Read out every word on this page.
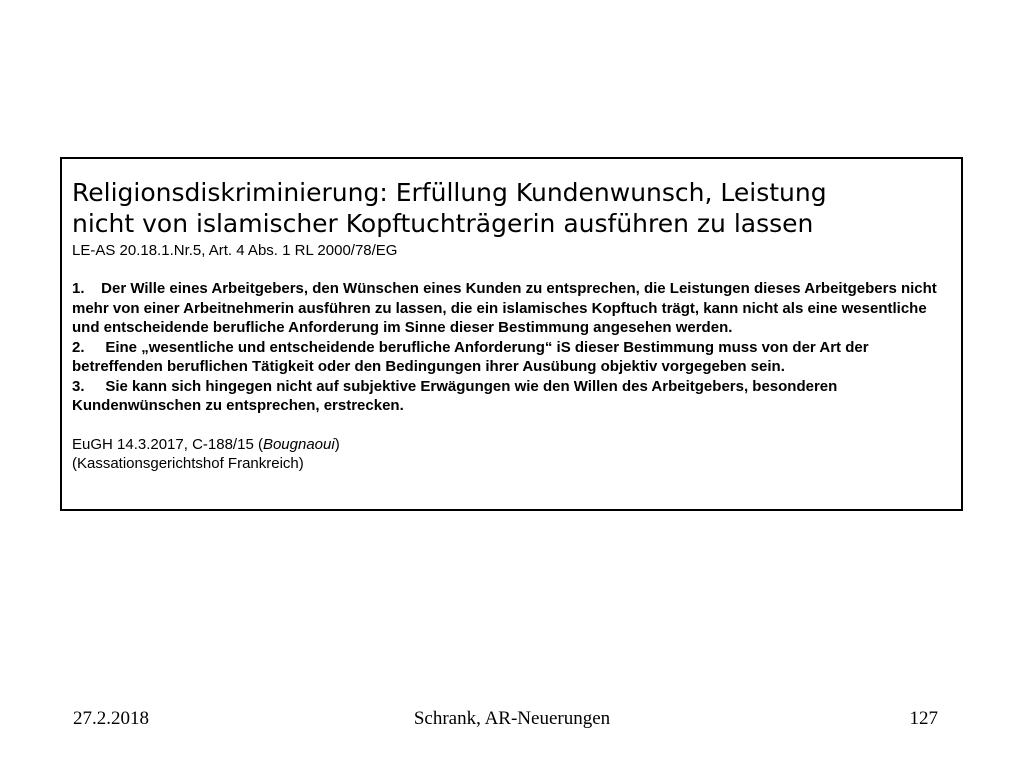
Religionsdiskriminierung: Erfüllung Kundenwunsch, Leistung
nicht von islamischer Kopftuchträgerin ausführen zu lassen
LE-AS 20.18.1.Nr.5, Art. 4 Abs. 1 RL 2000/78/EG
1.    Der Wille eines Arbeitgebers, den Wünschen eines Kunden zu entsprechen, die Leistungen dieses Arbeitgebers nicht mehr von einer Arbeitnehmerin ausführen zu lassen, die ein islamisches Kopftuch trägt, kann nicht als eine wesentliche und entscheidende berufliche Anforderung im Sinne dieser Bestimmung angesehen werden.
2.     Eine „wesentliche und entscheidende berufliche Anforderung“ iS dieser Bestimmung muss von der Art der betreffenden beruflichen Tätigkeit oder den Bedingungen ihrer Ausübung objektiv vorgegeben sein.
3.     Sie kann sich hingegen nicht auf subjektive Erwägungen wie den Willen des Arbeitgebers, besonderen Kundenwünschen zu entsprechen, erstrecken.
EuGH 14.3.2017, C-188/15 (Bougnaoui)
(Kassationsgerichtshof Frankreich)
27.2.2018	Schrank, AR-Neuerungen	127
